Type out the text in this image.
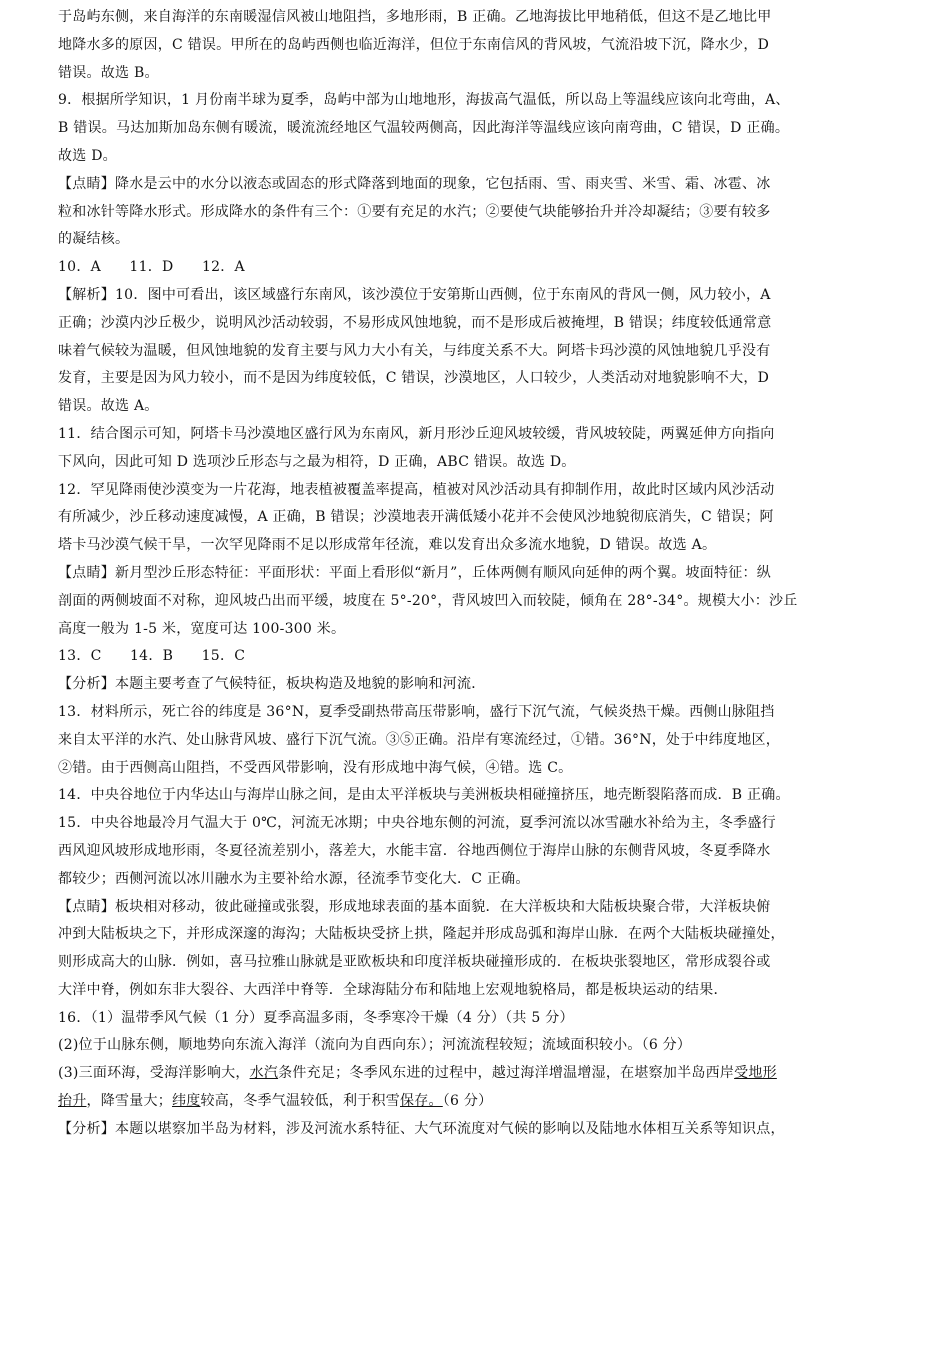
于岛屿东侧，来自海洋的东南暖湿信风被山地阻挡，多地形雨，B 正确。乙地海拔比甲地稍低，但这不是乙地比甲
地降水多的原因，C 错误。甲所在的岛屿西侧也临近海洋，但位于东南信风的背风坡，气流沿坡下沉，降水少，D
错误。故选 B。
9．根据所学知识，1 月份南半球为夏季，岛屿中部为山地地形，海拔高气温低，所以岛上等温线应该向北弯曲，A、
B 错误。马达加斯加岛东侧有暖流，暖流流经地区气温较两侧高，因此海洋等温线应该向南弯曲，C 错误，D 正确。
故选 D。
【点睛】降水是云中的水分以液态或固态的形式降落到地面的现象，它包括雨、雪、雨夹雪、米雪、霜、冰雹、冰
粒和冰针等降水形式。形成降水的条件有三个：①要有充足的水汽；②要使气块能够抬升并冷却凝结；③要有较多
的凝结核。
10．A　　11．D　　12．A
【解析】10．图中可看出，该区域盛行东南风，该沙漠位于安第斯山西侧，位于东南风的背风一侧，风力较小，A
正确；沙漠内沙丘极少，说明风沙活动较弱，不易形成风蚀地貌，而不是形成后被掩埋，B 错误；纬度较低通常意
味着气候较为温暖，但风蚀地貌的发育主要与风力大小有关，与纬度关系不大。阿塔卡玛沙漠的风蚀地貌几乎没有
发育，主要是因为风力较小，而不是因为纬度较低，C 错误，沙漠地区，人口较少，人类活动对地貌影响不大，D
错误。故选 A。
11．结合图示可知，阿塔卡马沙漠地区盛行风为东南风，新月形沙丘迎风坡较缓，背风坡较陡，两翼延伸方向指向
下风向，因此可知 D 选项沙丘形态与之最为相符，D 正确，ABC 错误。故选 D。
12．罕见降雨使沙漠变为一片花海，地表植被覆盖率提高，植被对风沙活动具有抑制作用，故此时区域内风沙活动
有所减少，沙丘移动速度减慢，A 正确，B 错误；沙漠地表开满低矮小花并不会使风沙地貌彻底消失，C 错误；阿
塔卡马沙漠气候干旱，一次罕见降雨不足以形成常年径流，难以发育出众多流水地貌，D 错误。故选 A。
【点睛】新月型沙丘形态特征：平面形状：平面上看形似“新月”，丘体两侧有顺风向延伸的两个翼。坡面特征：纵
剖面的两侧坡面不对称，迎风坡凸出而平缓，坡度在 5°-20°，背风坡凹入而较陡，倾角在 28°-34°。规模大小：沙丘
高度一般为 1-5 米，宽度可达 100-300 米。
13．C　　14．B　　15．C
【分析】本题主要考查了气候特征，板块构造及地貌的影响和河流．
13．材料所示，死亡谷的纬度是 36°N，夏季受副热带高压带影响，盛行下沉气流，气候炎热干燥。西侧山脉阻挡
来自太平洋的水汽、处山脉背风坡、盛行下沉气流。③⑤正确。沿岸有寒流经过，①错。36°N，处于中纬度地区，
②错。由于西侧高山阻挡，不受西风带影响，没有形成地中海气候，④错。选 C。
14．中央谷地位于内华达山与海岸山脉之间，是由太平洋板块与美洲板块相碰撞挤压，地壳断裂陷落而成．B 正确。
15．中央谷地最冷月气温大于 0℃，河流无冰期；中央谷地东侧的河流，夏季河流以冰雪融水补给为主，冬季盛行
西风迎风坡形成地形雨，冬夏径流差别小，落差大，水能丰富．谷地西侧位于海岸山脉的东侧背风坡，冬夏季降水
都较少；西侧河流以冰川融水为主要补给水源，径流季节变化大．C 正确。
【点睛】板块相对移动，彼此碰撞或张裂，形成地球表面的基本面貌．在大洋板块和大陆板块聚合带，大洋板块俯
冲到大陆板块之下，并形成深邃的海沟；大陆板块受挤上拱，隆起并形成岛弧和海岸山脉．在两个大陆板块碰撞处，
则形成高大的山脉．例如，喜马拉雅山脉就是亚欧板块和印度洋板块碰撞形成的．在板块张裂地区，常形成裂谷或
大洋中脊，例如东非大裂谷、大西洋中脊等．全球海陆分布和陆地上宏观地貌格局，都是板块运动的结果．
16．（1）温带季风气候（1 分）夏季高温多雨，冬季寒冷干燥（4 分）（共 5 分）
(2)位于山脉东侧，顺地势向东流入海洋（流向为自西向东）；河流流程较短；流域面积较小。（6 分）
(3)三面环海，受海洋影响大，水汽条件充足；冬季风东进的过程中，越过海洋增温增湿，在堪察加半岛西岸受地形
抬升，降雪量大；纬度较高，冬季气温较低，利于积雪保存。（6 分）
【分析】本题以堪察加半岛为材料，涉及河流水系特征、大气环流度对气候的影响以及陆地水体相互关系等知识点，
